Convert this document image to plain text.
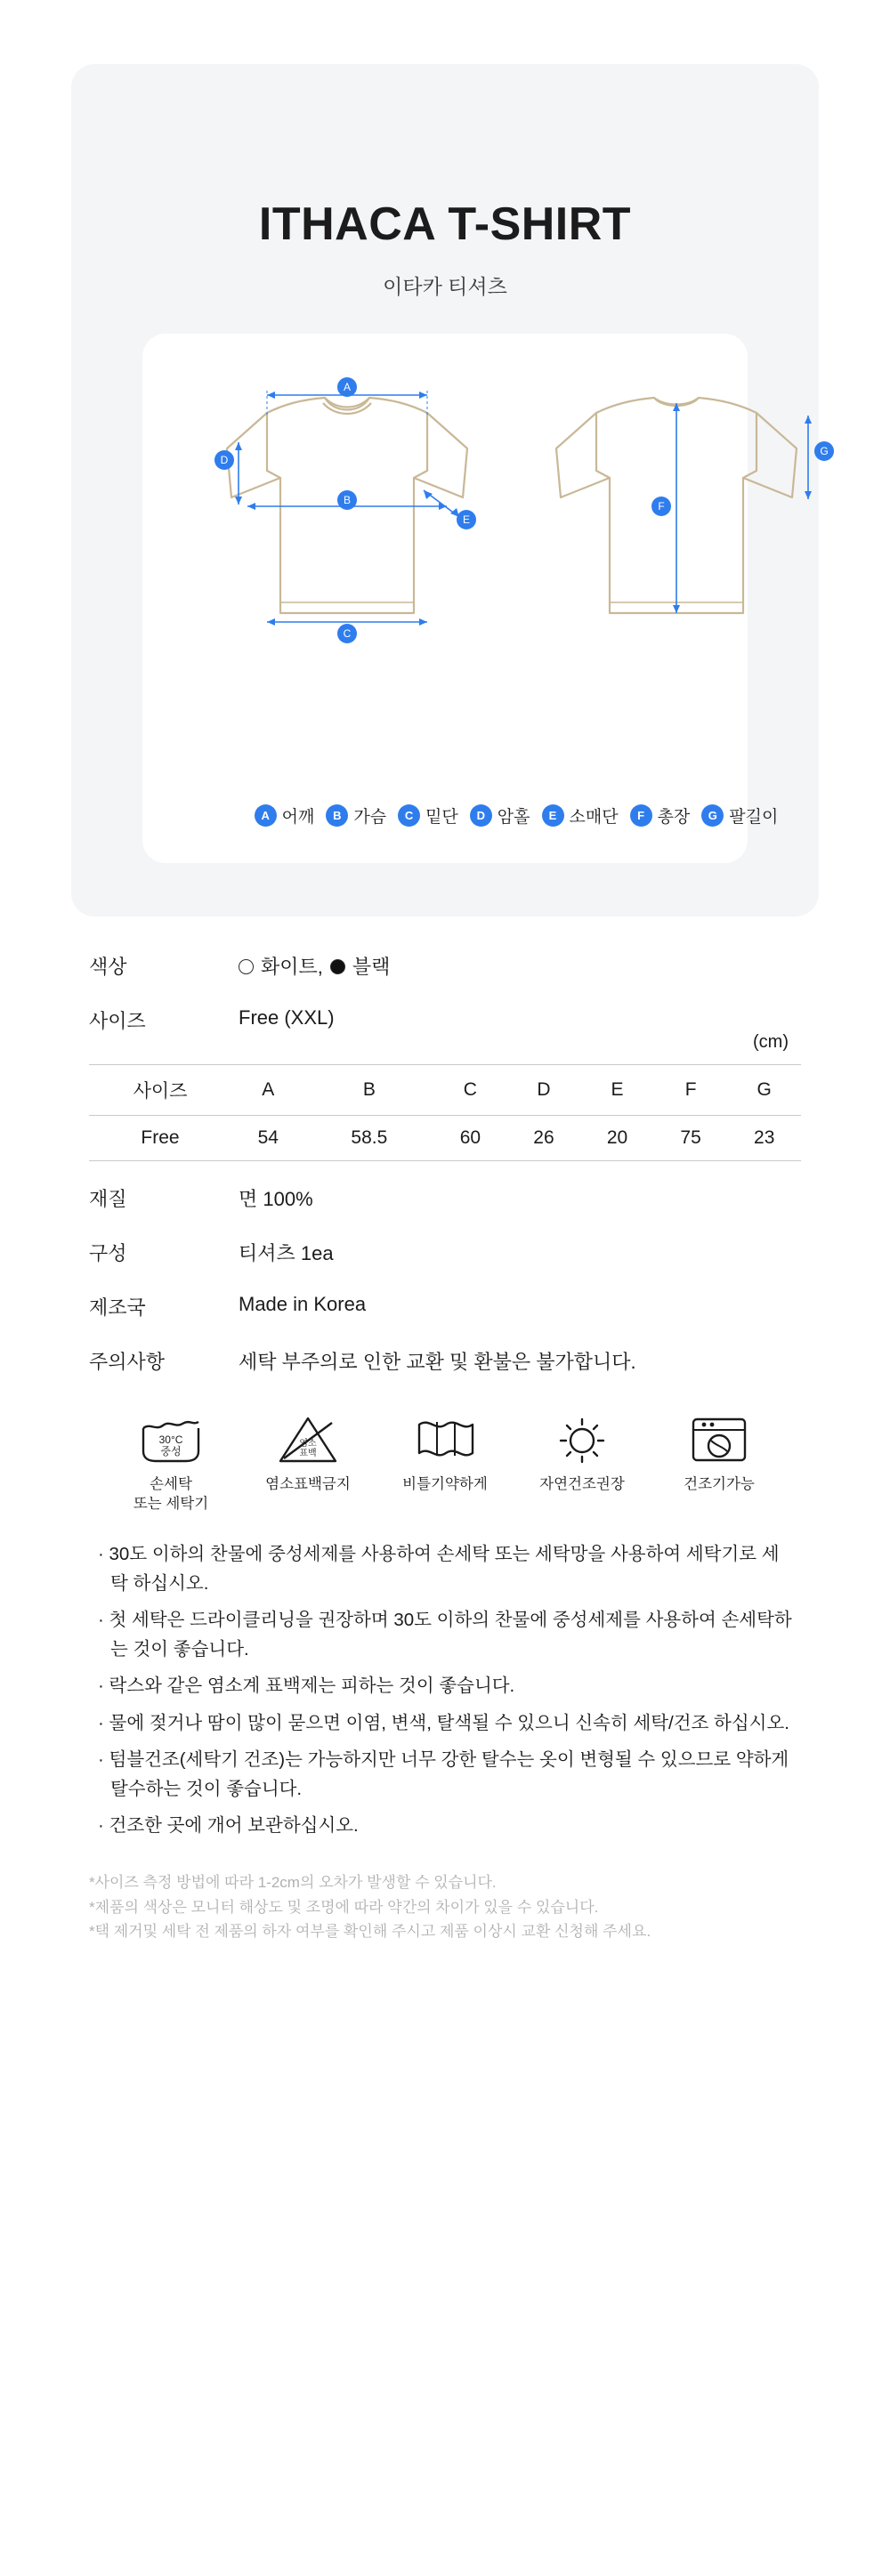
ITHACA T-SHIRT
이타카 티셔츠
A
B
C
D
E
F
G
A 어깨	B 가슴	C 밑단	D 암홀	E 소매단	F 총장	G 팔길이
색상	화이트, 블랙
사이즈	Free (XXL)
(cm)
사이즈	A	B	C	D	E	F	G
Free	54	58.5	60	26	20	75	23
재질	면 100%
구성	티셔츠 1ea
제조국	Made in Korea
주의사항	세탁 부주의로 인한 교환 및 환불은 불가합니다.
30°C
중성
손세탁
또는 세탁기
염소
표백
염소표백금지	비틀기약하게	자연건조권장	건조기가능
· 30도 이하의 찬물에 중성세제를 사용하여 손세탁 또는 세탁망을 사용하여 세탁기로 세탁 하십시오.
· 첫 세탁은 드라이클리닝을 권장하며 30도 이하의 찬물에 중성세제를 사용하여 손세탁하는 것이 좋습니다.
· 락스와 같은 염소계 표백제는 피하는 것이 좋습니다.
· 물에 젖거나 땀이 많이 묻으면 이염, 변색, 탈색될 수 있으니 신속히 세탁/건조 하십시오.
· 텀블건조(세탁기 건조)는 가능하지만 너무 강한 탈수는 옷이 변형될 수 있으므로 약하게 탈수하는 것이 좋습니다.
· 건조한 곳에 개어 보관하십시오.
*사이즈 측정 방법에 따라 1-2cm의 오차가 발생할 수 있습니다.
*제품의 색상은 모니터 해상도 및 조명에 따라 약간의 차이가 있을 수 있습니다.
*택 제거및 세탁 전 제품의 하자 여부를 확인해 주시고 제품 이상시 교환 신청해 주세요.
